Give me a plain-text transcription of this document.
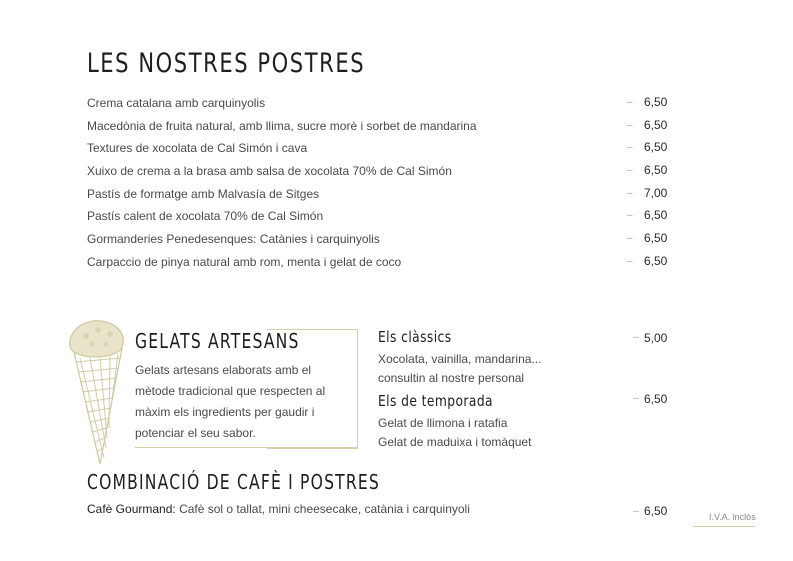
LES NOSTRES POSTRES
Crema catalana amb carquinyolis	– 6,50
Macedònia de fruita natural, amb llima, sucre morè i sorbet de mandarina	– 6,50
Textures de xocolata de Cal Simón i cava	– 6,50
Xuixo de crema a la brasa amb salsa de xocolata 70% de Cal Simón	– 6,50
Pastís de formatge amb Malvasía de Sitges	– 7,00
Pastís calent de xocolata 70% de Cal Simón	– 6,50
Gormanderies Penedesenques: Catànies i carquinyolis	– 6,50
Carpaccio de pinya natural amb rom, menta i gelat de coco	– 6,50
GELATS ARTESANS
Gelats artesans elaborats amb el mètode tradicional que respecten al màxim els ingredients per gaudir i potenciar el seu sabor.
Els clàssics
Xocolata, vainilla, mandarina...
consultin al nostre personal
– 5,00
Els de temporada
Gelat de llimona i ratafia
Gelat de maduixa i tomàquet
– 6,50
COMBINACIÓ DE CAFÈ I POSTRES
Cafè Gourmand: Cafè sol o tallat, mini cheesecake, catània i carquinyoli	– 6,50	I.V.A. inclòs
